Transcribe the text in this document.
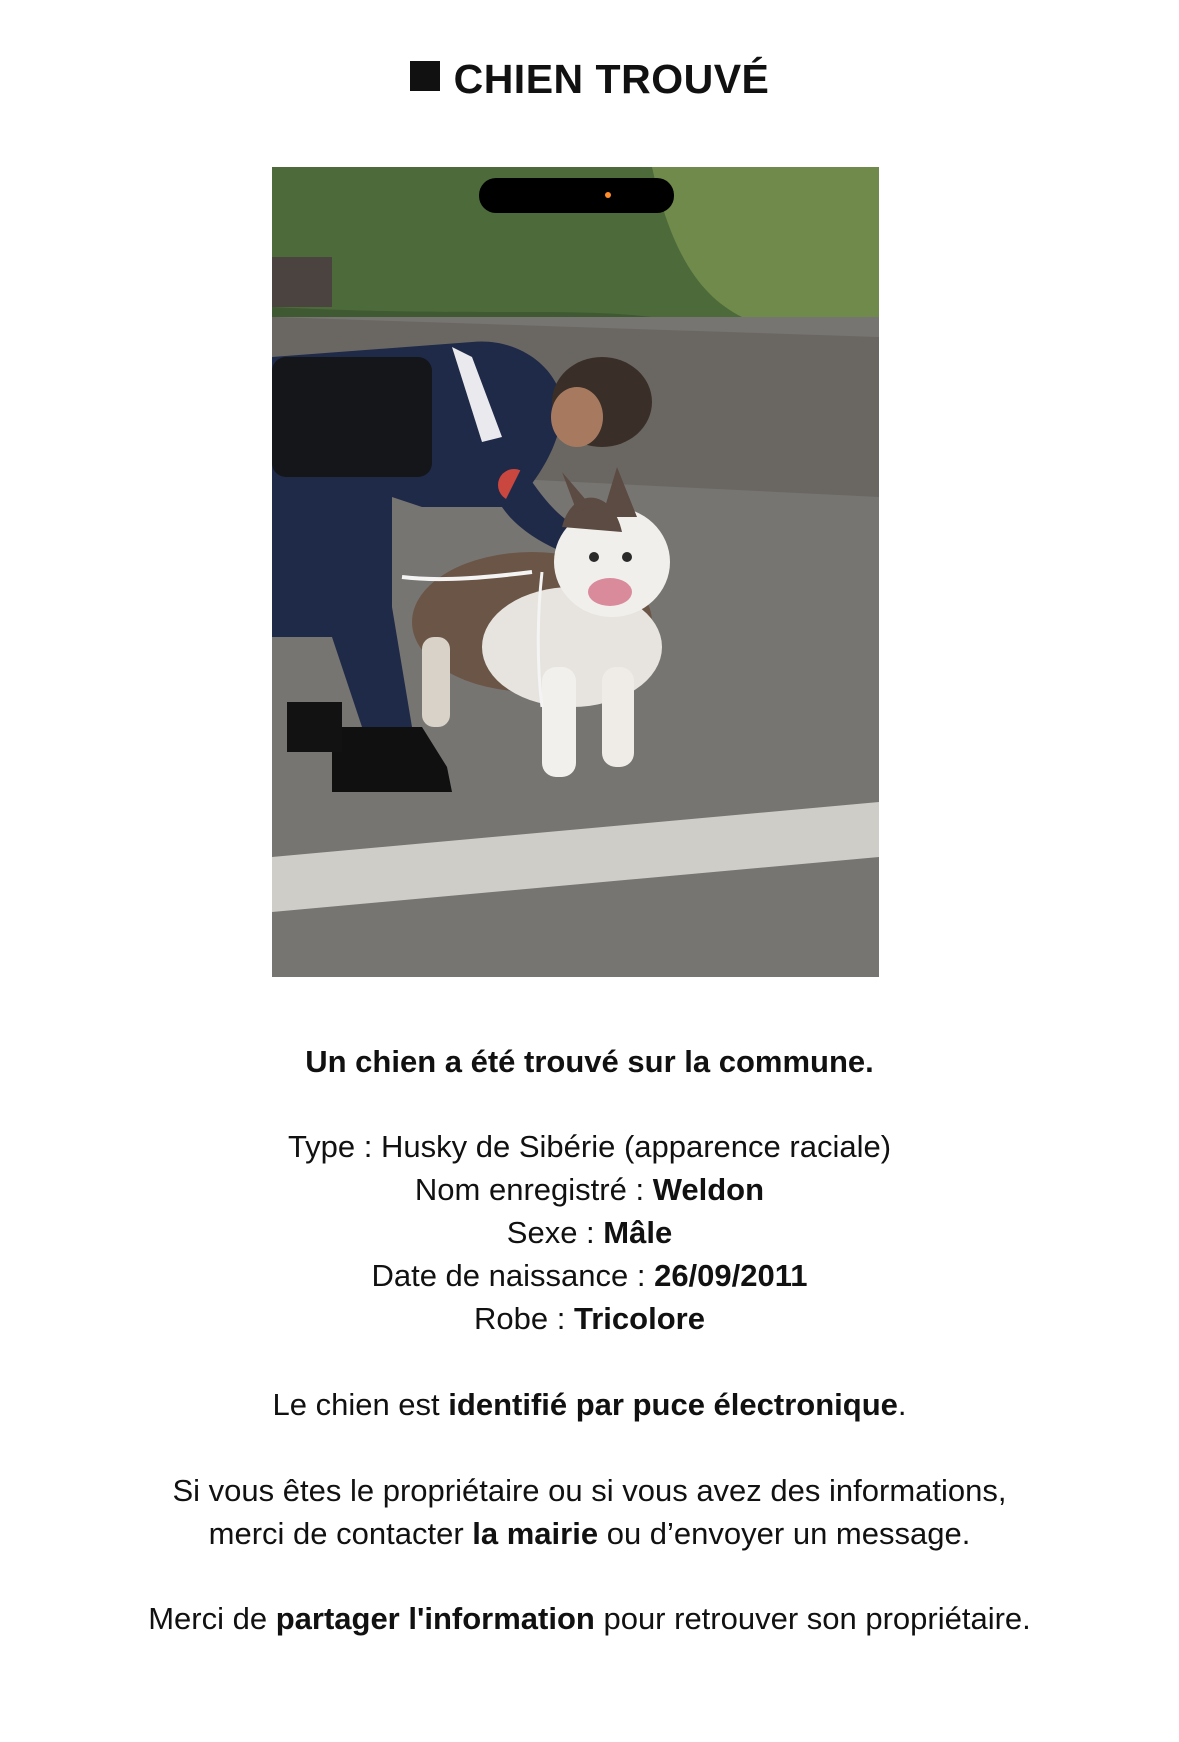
CHIEN TROUVÉ
Un chien a été trouvé sur la commune.
Type : Husky de Sibérie (apparence raciale)
Nom enregistré : Weldon
Sexe : Mâle
Date de naissance : 26/09/2011
Robe : Tricolore
Le chien est identifié par puce électronique.
Si vous êtes le propriétaire ou si vous avez des informations,
merci de contacter la mairie ou d’envoyer un message.
Merci de partager l'information pour retrouver son propriétaire.
